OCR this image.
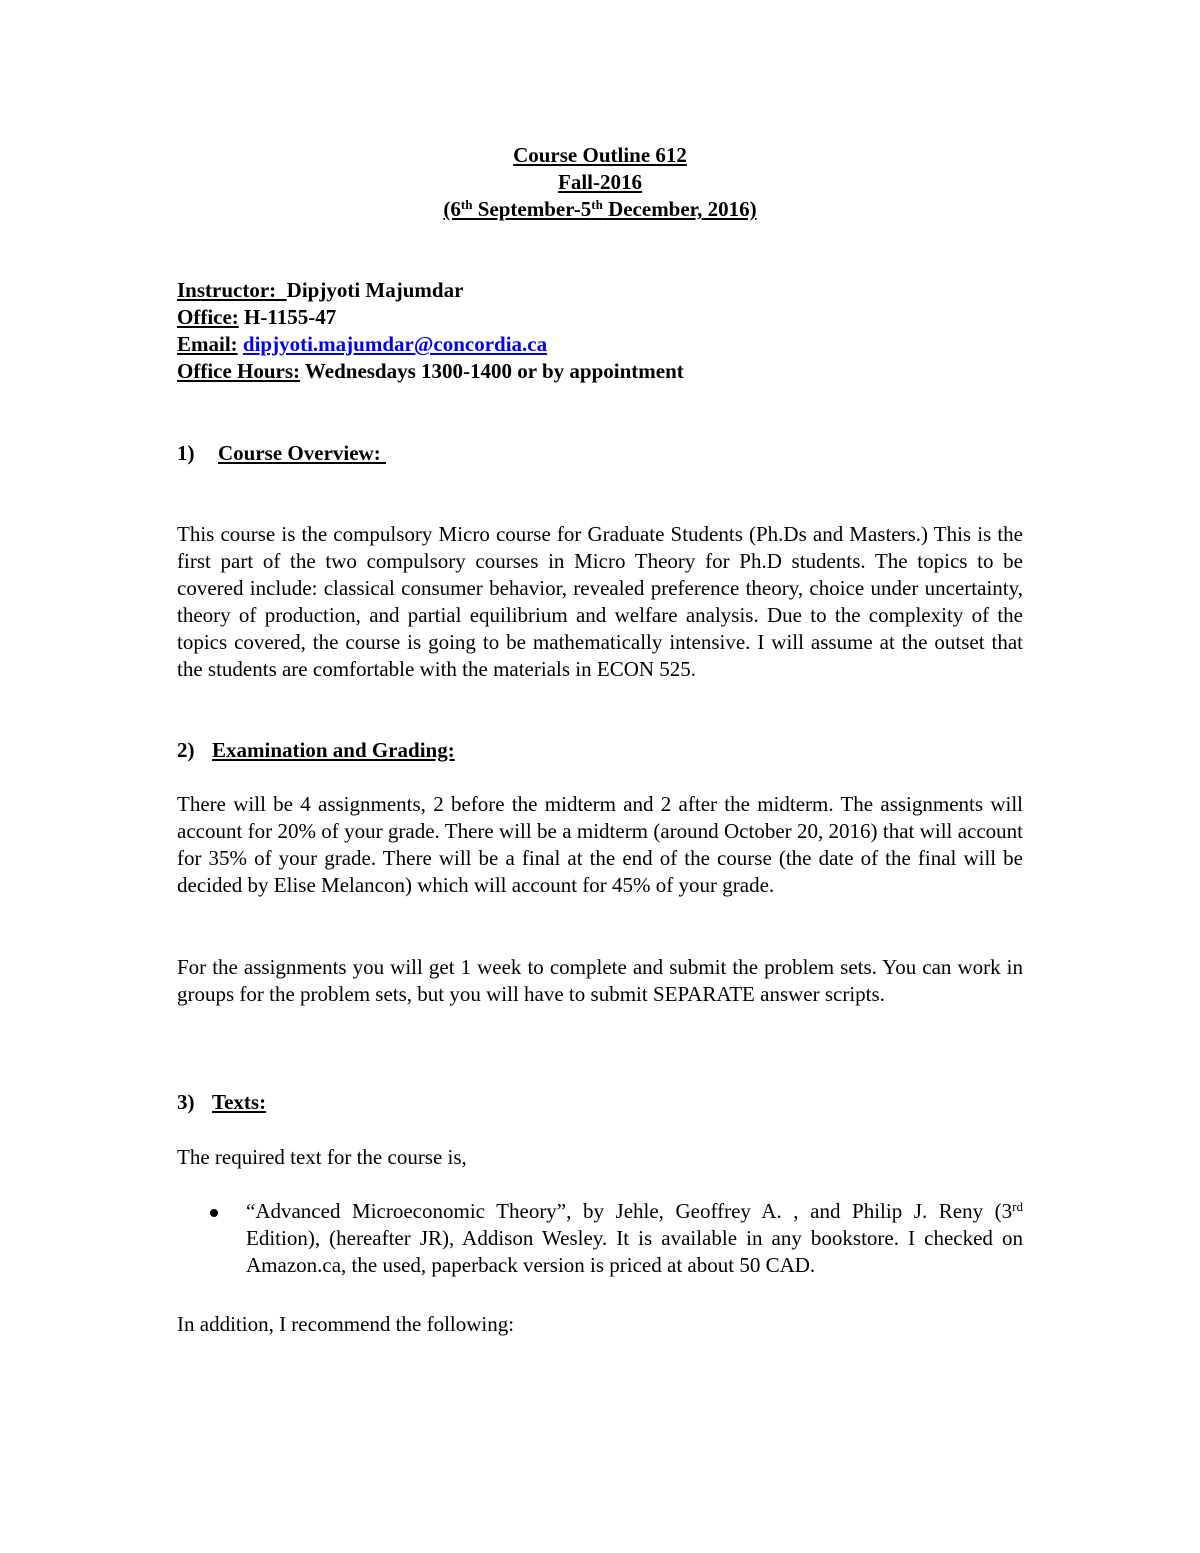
Course Outline 612
Fall-2016
(6th September-5th December, 2016)
Instructor:  Dipjyoti Majumdar
Office: H-1155-47
Email: dipjyoti.majumdar@concordia.ca
Office Hours: Wednesdays 1300-1400 or by appointment
1) Course Overview:

This course is the compulsory Micro course for Graduate Students (Ph.Ds and Masters.) This is the first part of the two compulsory courses in Micro Theory for Ph.D students. The topics to be covered include: classical consumer behavior, revealed preference theory, choice under uncertainty, theory of production, and partial equilibrium and welfare analysis. Due to the complexity of the topics covered, the course is going to be mathematically intensive. I will assume at the outset that the students are comfortable with the materials in ECON 525.

2) Examination and Grading:

There will be 4 assignments, 2 before the midterm and 2 after the midterm. The assignments will account for 20% of your grade. There will be a midterm (around October 20, 2016) that will account for 35% of your grade. There will be a final at the end of the course (the date of the final will be decided by Elise Melancon) which will account for 45% of your grade.

For the assignments you will get 1 week to complete and submit the problem sets. You can work in groups for the problem sets, but you will have to submit SEPARATE answer scripts.

3) Texts:

The required text for the course is,

“Advanced Microeconomic Theory”, by Jehle, Geoffrey A. , and Philip J. Reny (3rd Edition), (hereafter JR), Addison Wesley. It is available in any bookstore. I checked on Amazon.ca, the used, paperback version is priced at about 50 CAD.

In addition, I recommend the following:
